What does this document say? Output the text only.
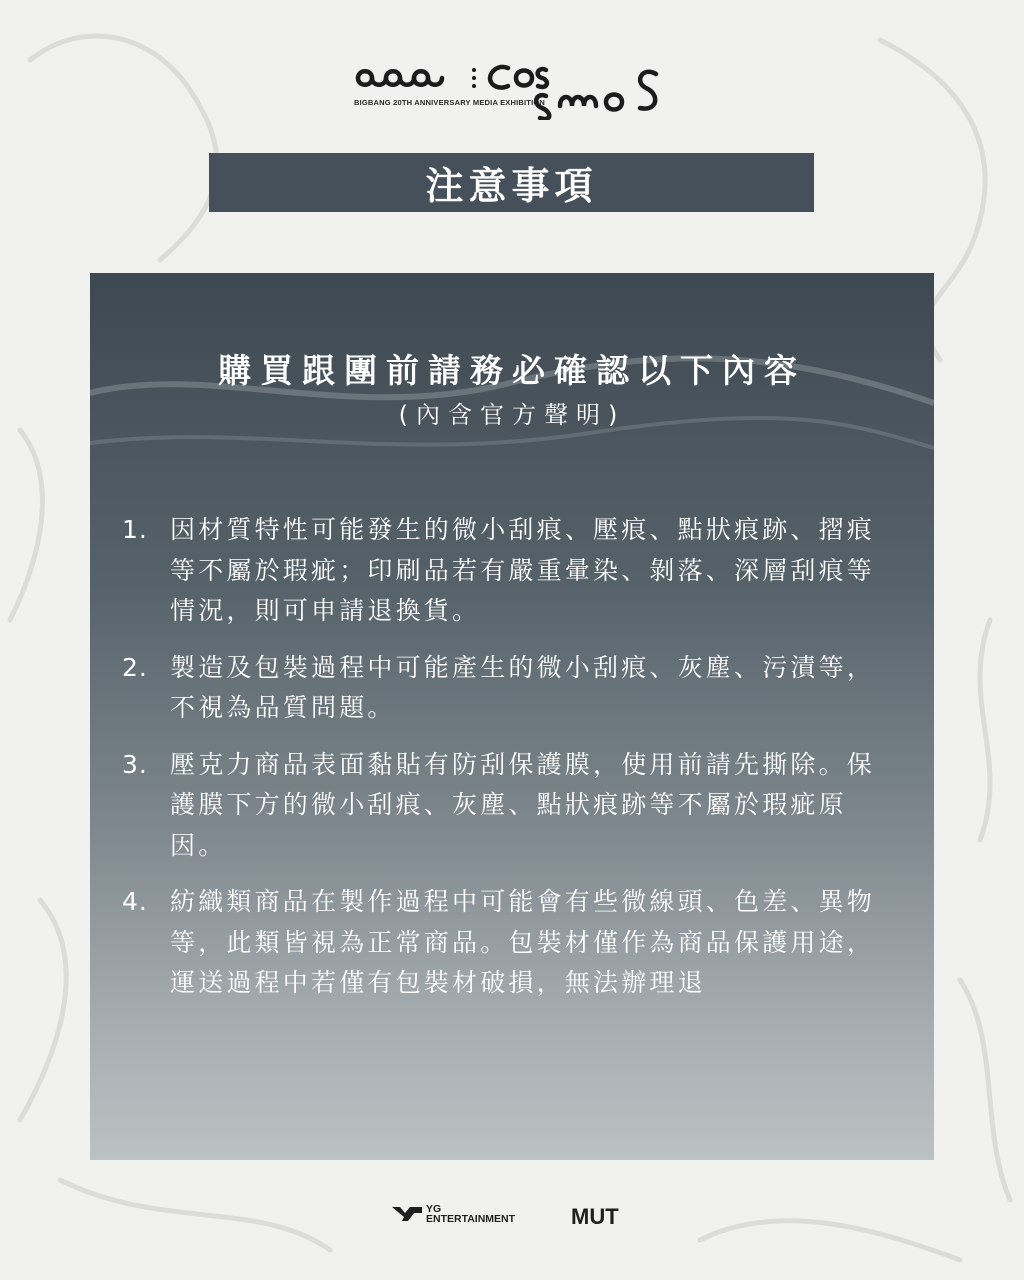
BIGBANG 20TH ANNIVERSARY MEDIA EXHIBITION
注意事項
購買跟團前請務必確認以下內容
(內含官方聲明)
1. 因材質特性可能發生的微小刮痕、壓痕、點狀痕跡、摺痕等不屬於瑕疵；印刷品若有嚴重暈染、剝落、深層刮痕等情況，則可申請退換貨。
2. 製造及包裝過程中可能產生的微小刮痕、灰塵、污漬等，不視為品質問題。
3. 壓克力商品表面黏貼有防刮保護膜，使用前請先撕除。保護膜下方的微小刮痕、灰塵、點狀痕跡等不屬於瑕疵原因。
4. 紡織類商品在製作過程中可能會有些微線頭、色差、異物等，此類皆視為正常商品。包裝材僅作為商品保護用途，運送過程中若僅有包裝材破損，無法辦理退
YG
ENTERTAINMENT	MUT
